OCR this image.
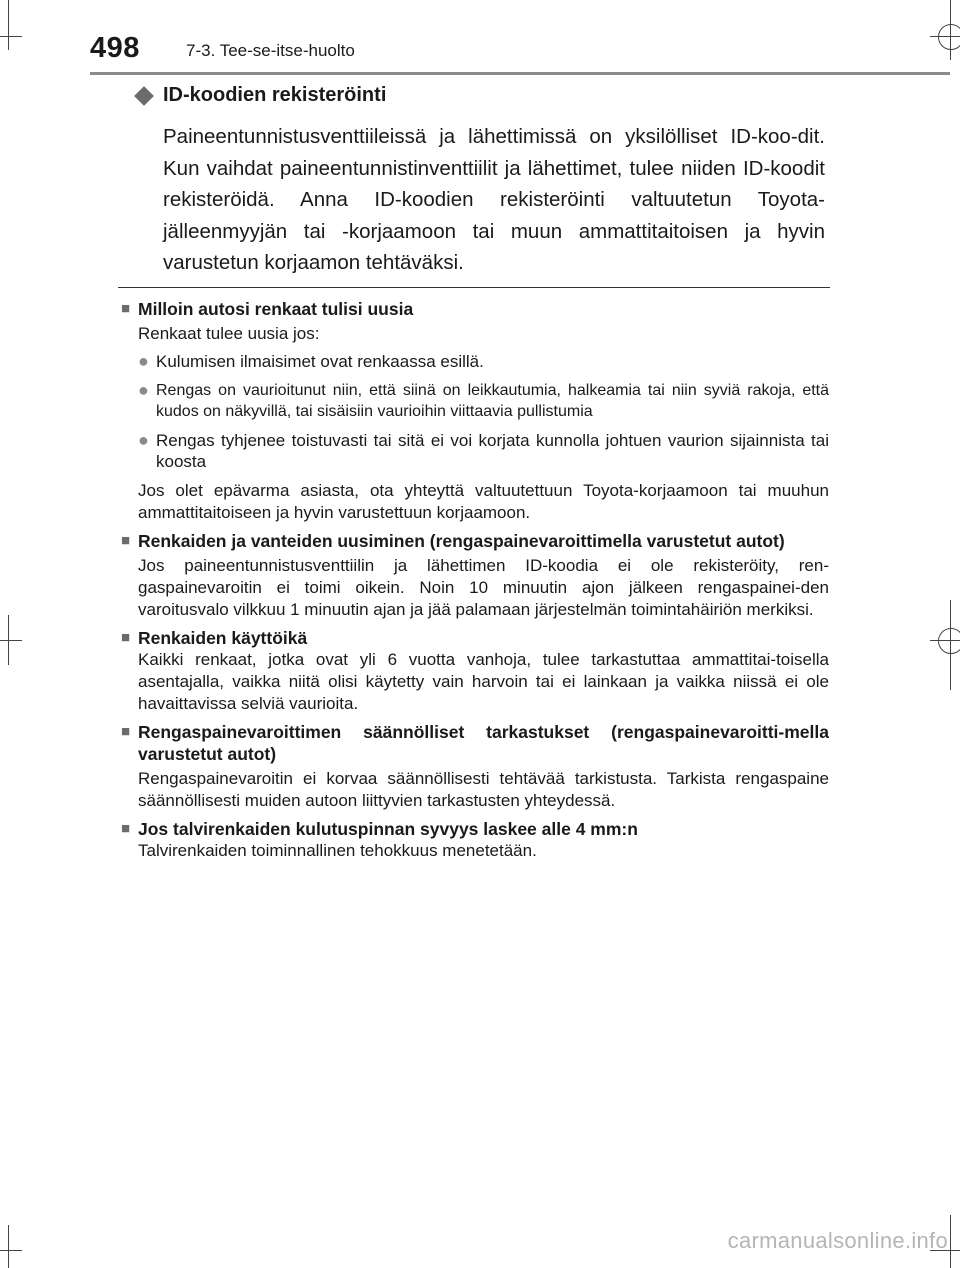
498	7-3. Tee-se-itse-huolto
ID-koodien rekisteröinti
Paineentunnistusventtiileissä ja lähettimissä on yksilölliset ID-koo-dit. Kun vaihdat paineentunnistinventtiilit ja lähettimet, tulee niiden ID-koodit rekisteröidä. Anna ID-koodien rekisteröinti valtuutetun Toyota-jälleenmyyjän tai -korjaamoon tai muun ammattitaitoisen ja hyvin varustetun korjaamon tehtäväksi.
■ Milloin autosi renkaat tulisi uusia

Renkaat tulee uusia jos:

● Kulumisen ilmaisimet ovat renkaassa esillä.
● Rengas on vaurioitunut niin, että siinä on leikkautumia, halkeamia tai niin syviä rakoja, että kudos on näkyvillä, tai sisäisiin vaurioihin viittaavia pullistumia
● Rengas tyhjenee toistuvasti tai sitä ei voi korjata kunnolla johtuen vaurion sijainnista tai koosta

Jos olet epävarma asiasta, ota yhteyttä valtuutettuun Toyota-korjaamoon tai muuhun ammattitaitoiseen ja hyvin varustettuun korjaamoon.

■ Renkaiden ja vanteiden uusiminen (rengaspainevaroittimella varustetut autot)

Jos paineentunnistusventtiilin ja lähettimen ID-koodia ei ole rekisteröity, ren-gaspainevaroitin ei toimi oikein. Noin 10 minuutin ajon jälkeen rengaspainei-den varoitusvalo vilkkuu 1 minuutin ajan ja jää palamaan järjestelmän toimintahäiriön merkiksi.

■ Renkaiden käyttöikä

Kaikki renkaat, jotka ovat yli 6 vuotta vanhoja, tulee tarkastuttaa ammattitai-toisella asentajalla, vaikka niitä olisi käytetty vain harvoin tai ei lainkaan ja vaikka niissä ei ole havaittavissa selviä vaurioita.

■ Rengaspainevaroittimen säännölliset tarkastukset (rengaspainevaroitti-mella varustetut autot)

Rengaspainevaroitin ei korvaa säännöllisesti tehtävää tarkistusta. Tarkista rengaspaine säännöllisesti muiden autoon liittyvien tarkastusten yhteydessä.

■ Jos talvirenkaiden kulutuspinnan syvyys laskee alle 4 mm:n

Talvirenkaiden toiminnallinen tehokkuus menetetään.

carmanualsonline.info
